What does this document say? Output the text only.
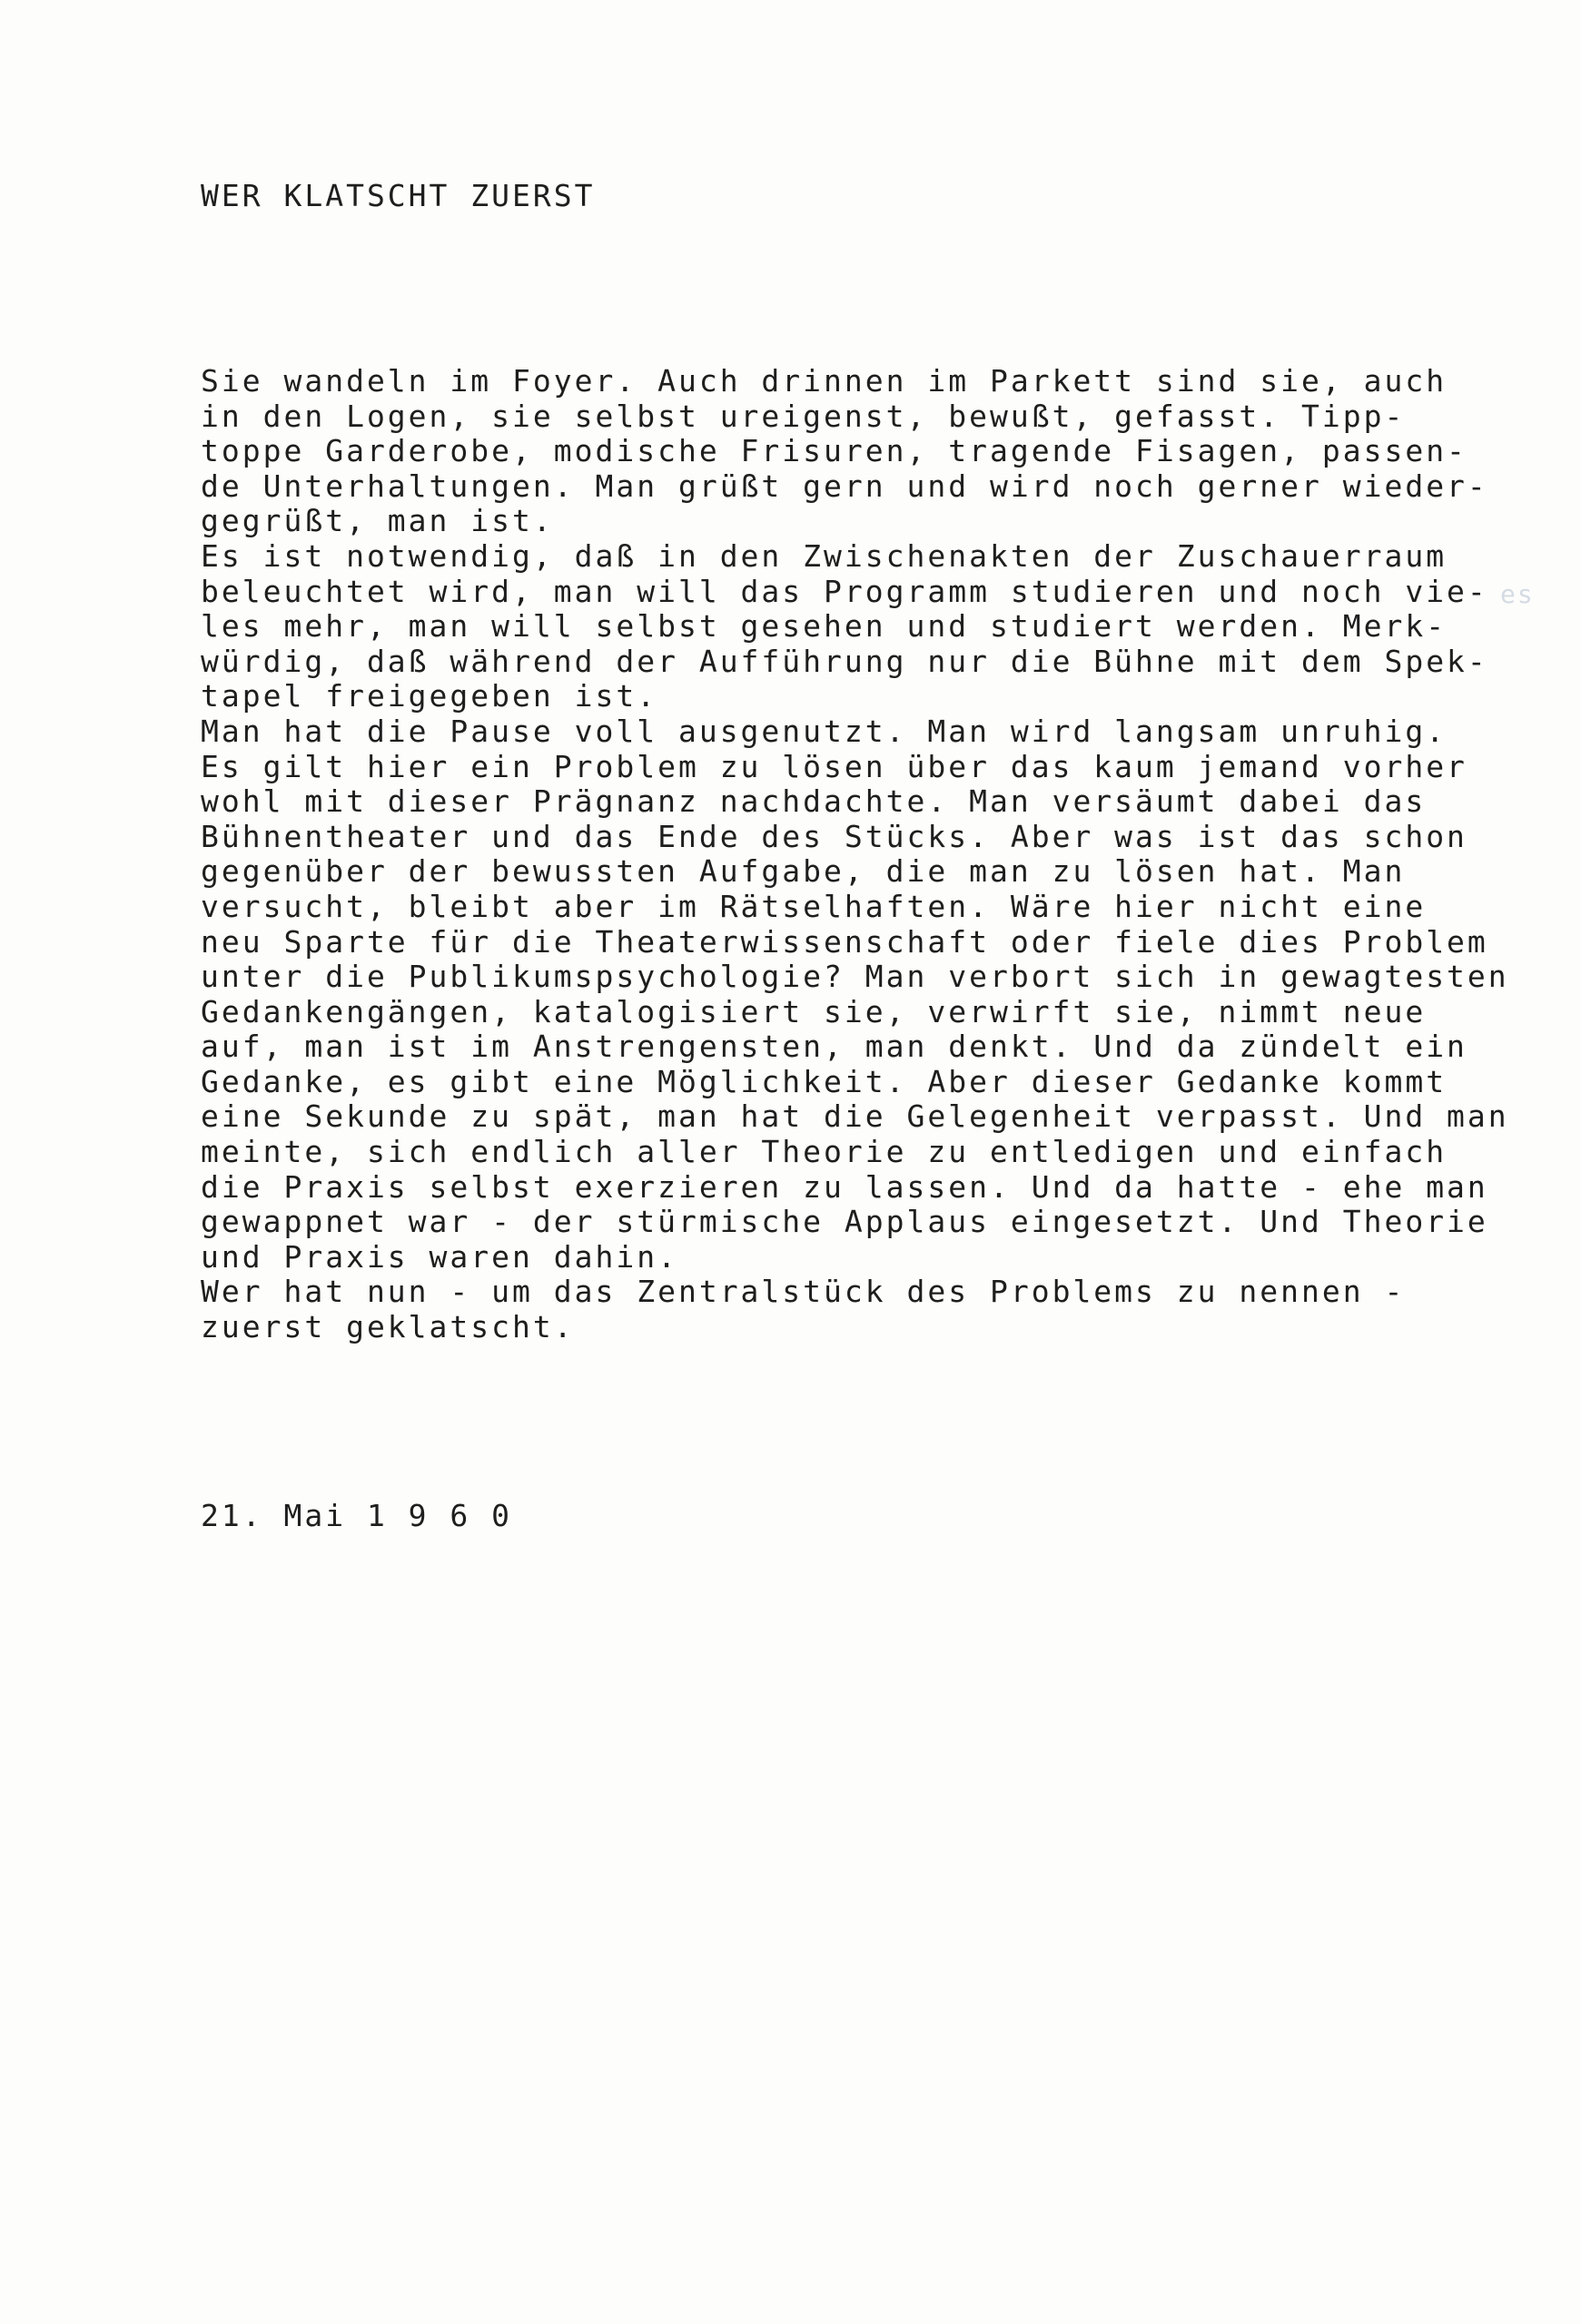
WER KLATSCHT ZUERST
Sie wandeln im Foyer. Auch drinnen im Parkett sind sie, auch
in den Logen, sie selbst ureigenst, bewußt, gefasst. Tipp-
toppe Garderobe, modische Frisuren, tragende Fisagen, passen-
de Unterhaltungen. Man grüßt gern und wird noch gerner wieder-
gegrüßt, man ist.
Es ist notwendig, daß in den Zwischenakten der Zuschauerraum
beleuchtet wird, man will das Programm studieren und noch vie-
les mehr, man will selbst gesehen und studiert werden. Merk-
würdig, daß während der Aufführung nur die Bühne mit dem Spek-
tapel freigegeben ist.
Man hat die Pause voll ausgenutzt. Man wird langsam unruhig.
Es gilt hier ein Problem zu lösen über das kaum jemand vorher
wohl mit dieser Prägnanz nachdachte. Man versäumt dabei das
Bühnentheater und das Ende des Stücks. Aber was ist das schon
gegenüber der bewussten Aufgabe, die man zu lösen hat. Man
versucht, bleibt aber im Rätselhaften. Wäre hier nicht eine
neu Sparte für die Theaterwissenschaft oder fiele dies Problem
unter die Publikumspsychologie? Man verbort sich in gewagtesten
Gedankengängen, katalogisiert sie, verwirft sie, nimmt neue
auf, man ist im Anstrengensten, man denkt. Und da zündelt ein
Gedanke, es gibt eine Möglichkeit. Aber dieser Gedanke kommt
eine Sekunde zu spät, man hat die Gelegenheit verpasst. Und man
meinte, sich endlich aller Theorie zu entledigen und einfach
die Praxis selbst exerzieren zu lassen. Und da hatte - ehe man
gewappnet war - der stürmische Applaus eingesetzt. Und Theorie
und Praxis waren dahin.
Wer hat nun - um das Zentralstück des Problems zu nennen -
zuerst geklatscht.
es

21. Mai 1 9 6 0
